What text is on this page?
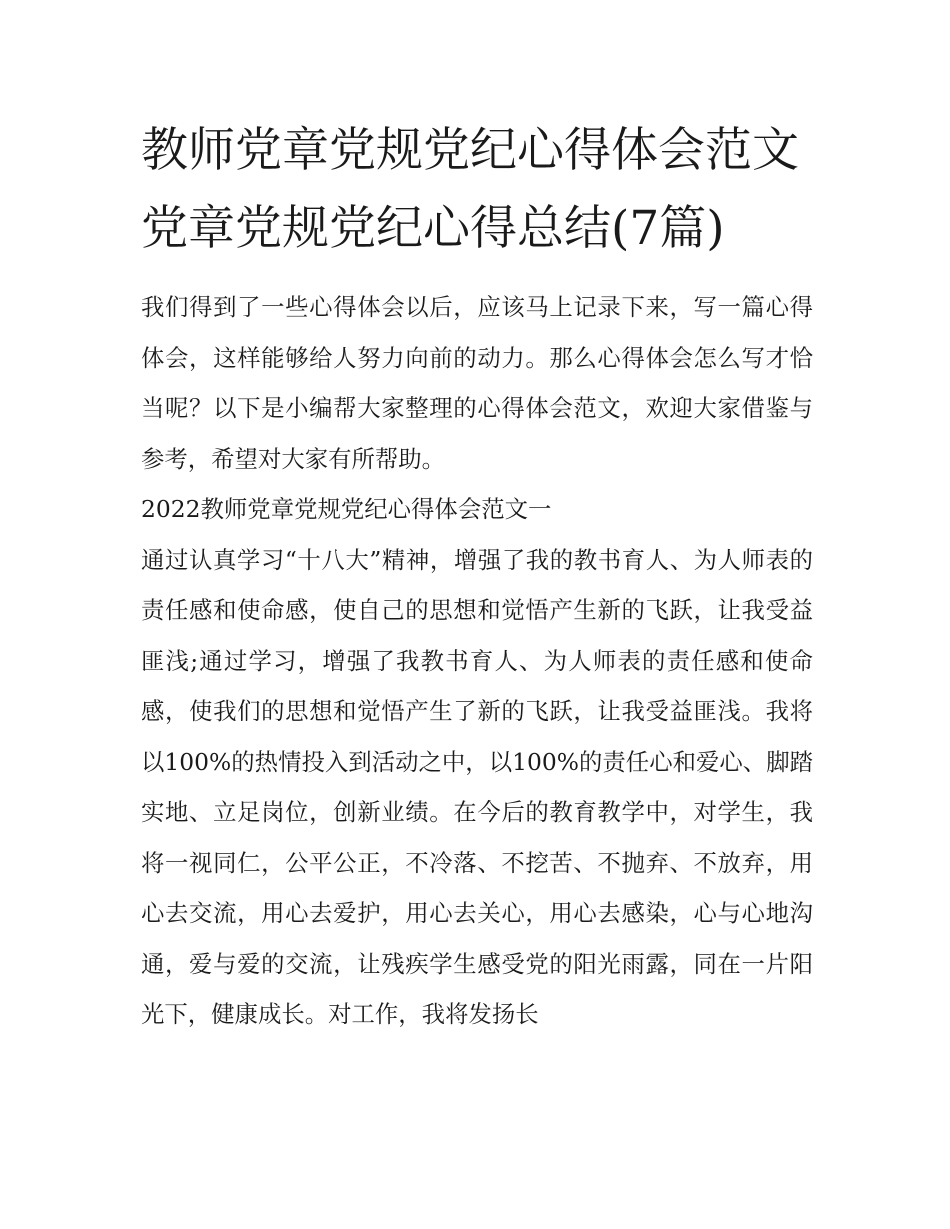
教师党章党规党纪心得体会范文 党章党规党纪心得总结(7篇)

我们得到了一些心得体会以后，应该马上记录下来，写一篇心得体会，这样能够给人努力向前的动力。那么心得体会怎么写才恰当呢？以下是小编帮大家整理的心得体会范文，欢迎大家借鉴与参考，希望对大家有所帮助。

2022教师党章党规党纪心得体会范文一

通过认真学习“十八大”精神，增强了我的教书育人、为人师表的责任感和使命感，使自己的思想和觉悟产生新的飞跃，让我受益匪浅;通过学习，增强了我教书育人、为人师表的责任感和使命感，使我们的思想和觉悟产生了新的飞跃，让我受益匪浅。我将以100%的热情投入到活动之中，以100%的责任心和爱心、脚踏实地、立足岗位，创新业绩。在今后的教育教学中，对学生，我将一视同仁，公平公正，不冷落、不挖苦、不抛弃、不放弃，用心去交流，用心去爱护，用心去关心，用心去感染，心与心地沟通，爱与爱的交流，让残疾学生感受党的阳光雨露，同在一片阳光下，健康成长。对工作，我将发扬长
